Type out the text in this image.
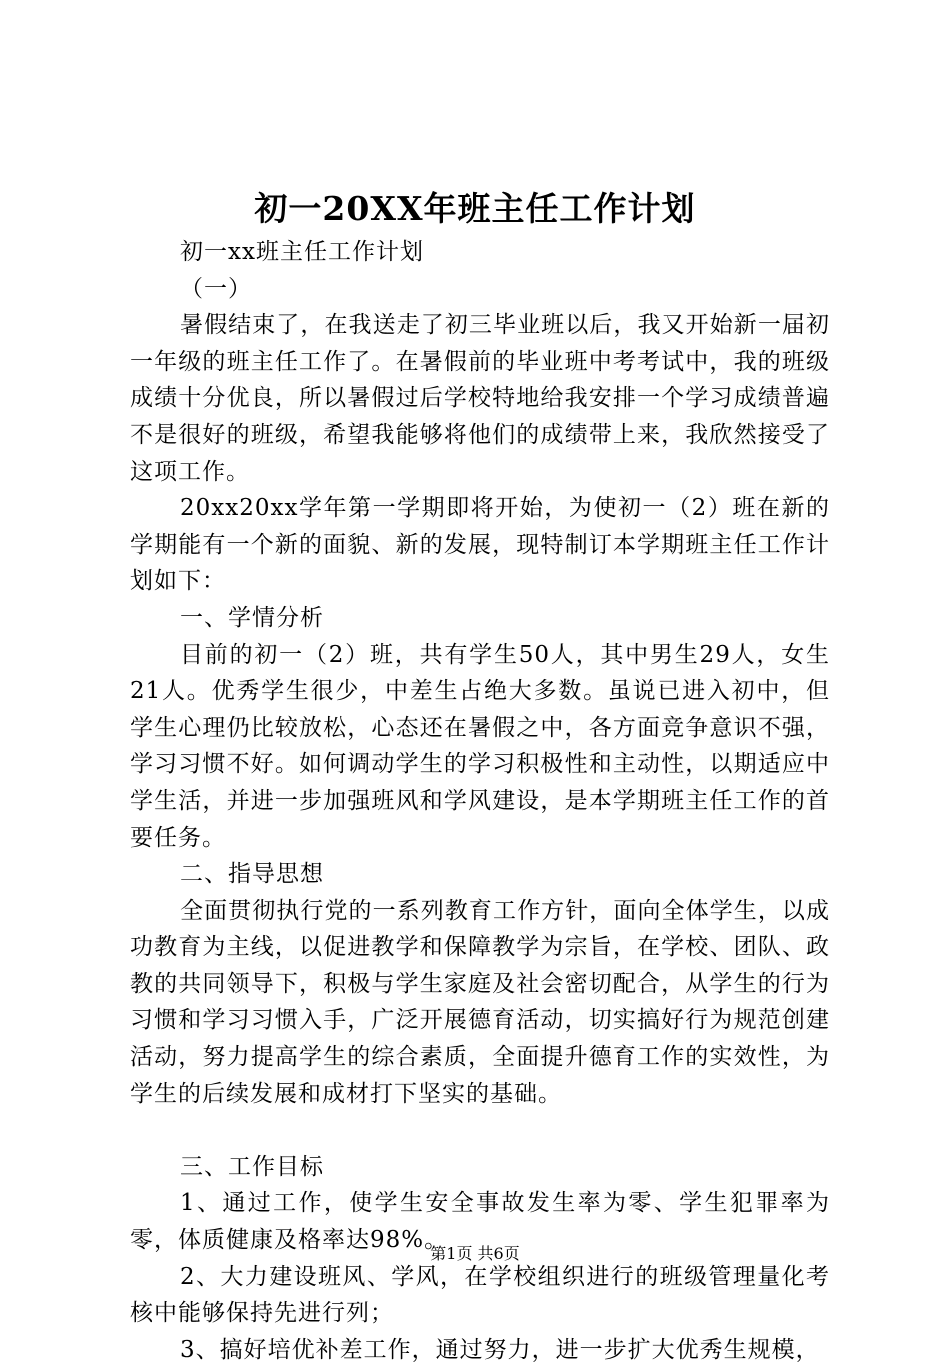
初一20XX年班主任工作计划

初一xx班主任工作计划

（一）

暑假结束了，在我送走了初三毕业班以后，我又开始新一届初一年级的班主任工作了。在暑假前的毕业班中考考试中，我的班级成绩十分优良，所以暑假过后学校特地给我安排一个学习成绩普遍不是很好的班级，希望我能够将他们的成绩带上来，我欣然接受了这项工作。

20xx20xx学年第一学期即将开始，为使初一（2）班在新的学期能有一个新的面貌、新的发展，现特制订本学期班主任工作计划如下：

一、学情分析

目前的初一（2）班，共有学生50人，其中男生29人，女生21人。优秀学生很少，中差生占绝大多数。虽说已进入初中，但学生心理仍比较放松，心态还在暑假之中，各方面竞争意识不强，学习习惯不好。如何调动学生的学习积极性和主动性，以期适应中学生活，并进一步加强班风和学风建设，是本学期班主任工作的首要任务。

二、指导思想

全面贯彻执行党的一系列教育工作方针，面向全体学生，以成功教育为主线，以促进教学和保障教学为宗旨，在学校、团队、政教的共同领导下，积极与学生家庭及社会密切配合，从学生的行为习惯和学习习惯入手，广泛开展德育活动，切实搞好行为规范创建活动，努力提高学生的综合素质，全面提升德育工作的实效性，为学生的后续发展和成材打下坚实的基础。

三、工作目标

1、通过工作，使学生安全事故发生率为零、学生犯罪率为零，体质健康及格率达98%。

2、大力建设班风、学风，在学校组织进行的班级管理量化考核中能够保持先进行列；

3、搞好培优补差工作，通过努力，进一步扩大优秀生规模，

第1页 共6页
